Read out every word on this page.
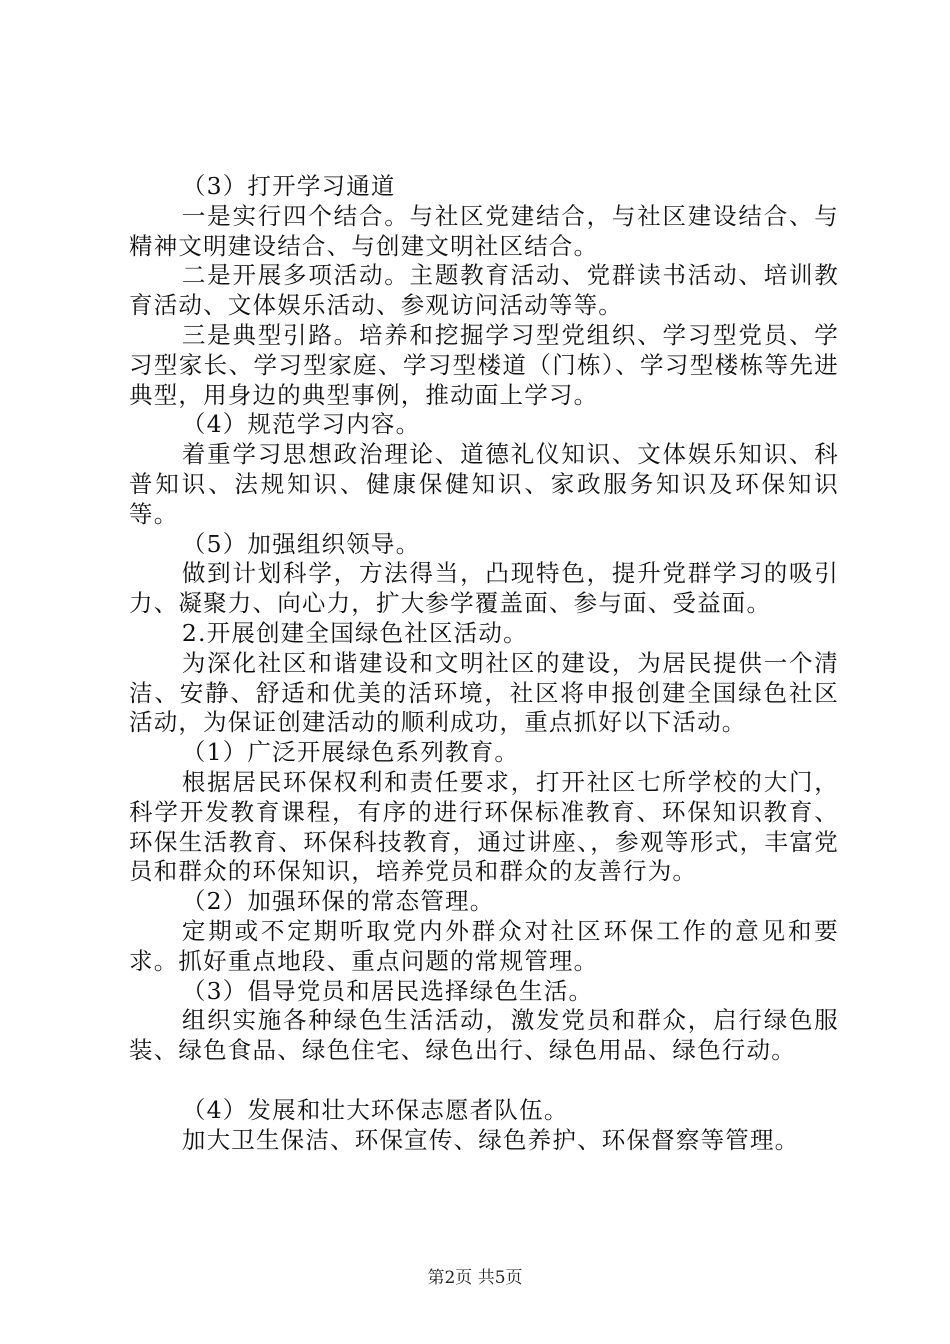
（3）打开学习通道

一是实行四个结合。与社区党建结合，与社区建设结合、与精神文明建设结合、与创建文明社区结合。

二是开展多项活动。主题教育活动、党群读书活动、培训教育活动、文体娱乐活动、参观访问活动等等。

三是典型引路。培养和挖掘学习型党组织、学习型党员、学习型家长、学习型家庭、学习型楼道（门栋）、学习型楼栋等先进典型，用身边的典型事例，推动面上学习。

（4）规范学习内容。

着重学习思想政治理论、道德礼仪知识、文体娱乐知识、科普知识、法规知识、健康保健知识、家政服务知识及环保知识等。

（5）加强组织领导。

做到计划科学，方法得当，凸现特色，提升党群学习的吸引力、凝聚力、向心力，扩大参学覆盖面、参与面、受益面。

2.开展创建全国绿色社区活动。

为深化社区和谐建设和文明社区的建设，为居民提供一个清洁、安静、舒适和优美的活环境，社区将申报创建全国绿色社区活动，为保证创建活动的顺利成功，重点抓好以下活动。

（1）广泛开展绿色系列教育。

根据居民环保权利和责任要求，打开社区七所学校的大门，科学开发教育课程，有序的进行环保标准教育、环保知识教育、环保生活教育、环保科技教育，通过讲座、，参观等形式，丰富党员和群众的环保知识，培养党员和群众的友善行为。

（2）加强环保的常态管理。

定期或不定期听取党内外群众对社区环保工作的意见和要求。抓好重点地段、重点问题的常规管理。

（3）倡导党员和居民选择绿色生活。

组织实施各种绿色生活活动，激发党员和群众，启行绿色服装、绿色食品、绿色住宅、绿色出行、绿色用品、绿色行动。

（4）发展和壮大环保志愿者队伍。

加大卫生保洁、环保宣传、绿色养护、环保督察等管理。

第2页 共5页
